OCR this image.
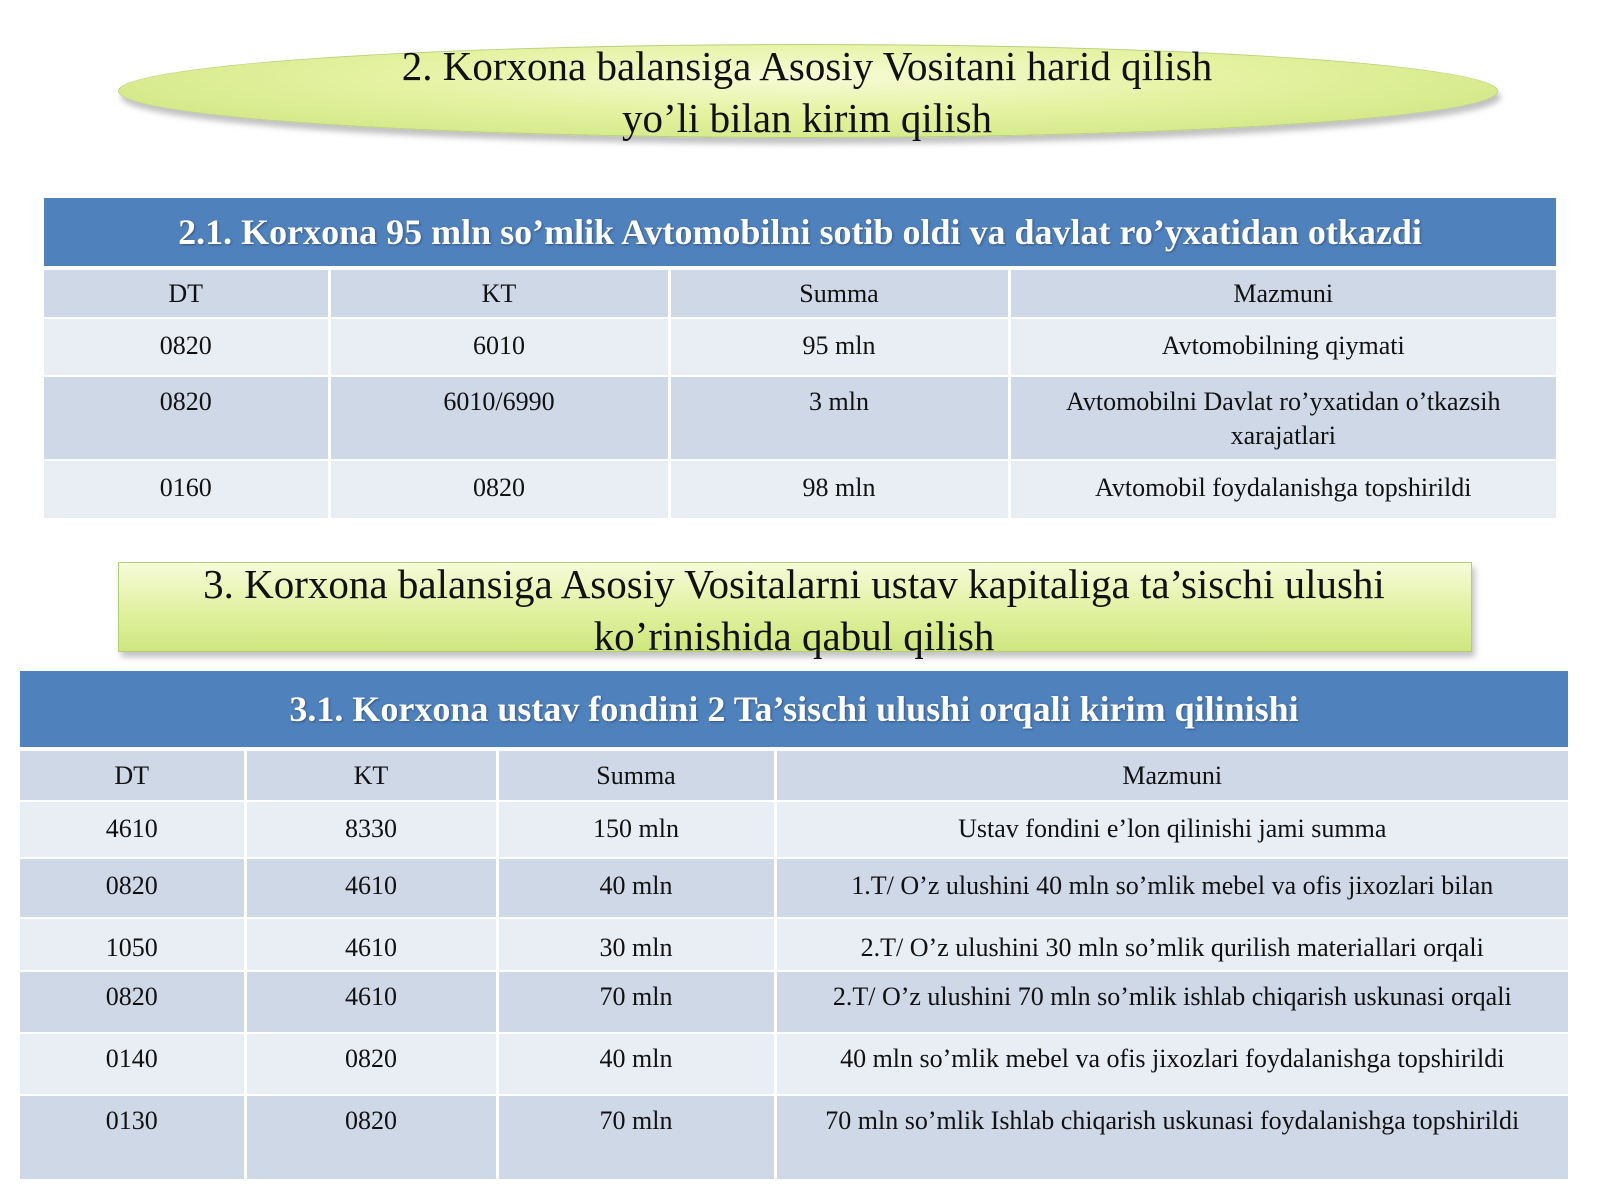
2. Korxona balansiga Asosiy Vositani harid qilish
yo’li bilan kirim qilish
2.1. Korxona 95 mln so’mlik Avtomobilni sotib oldi va davlat ro’yxatidan otkazdi			
DT	KT	Summa	Mazmuni
0820	6010	95 mln	Avtomobilning qiymati
0820	6010/6990	3 mln	Avtomobilni Davlat ro’yxatidan o’tkazsih xarajatlari
0160	0820	98 mln	Avtomobil foydalanishga topshirildi
3. Korxona balansiga Asosiy Vositalarni ustav kapitaliga ta’sischi ulushi
ko’rinishida qabul qilish
3.1. Korxona ustav fondini 2 Ta’sischi ulushi orqali kirim qilinishi			
DT	KT	Summa	Mazmuni
4610	8330	150 mln	Ustav fondini e’lon qilinishi jami summa
0820	4610	40 mln	1.T/ O’z ulushini 40 mln so’mlik mebel va ofis jixozlari bilan
1050	4610	30 mln	2.T/ O’z ulushini 30 mln so’mlik qurilish materiallari orqali
0820	4610	70 mln	2.T/ O’z ulushini 70 mln so’mlik ishlab chiqarish uskunasi orqali
0140	0820	40 mln	40 mln so’mlik mebel va ofis jixozlari foydalanishga topshirildi
0130	0820	70 mln	70 mln so’mlik Ishlab chiqarish uskunasi foydalanishga topshirildi
